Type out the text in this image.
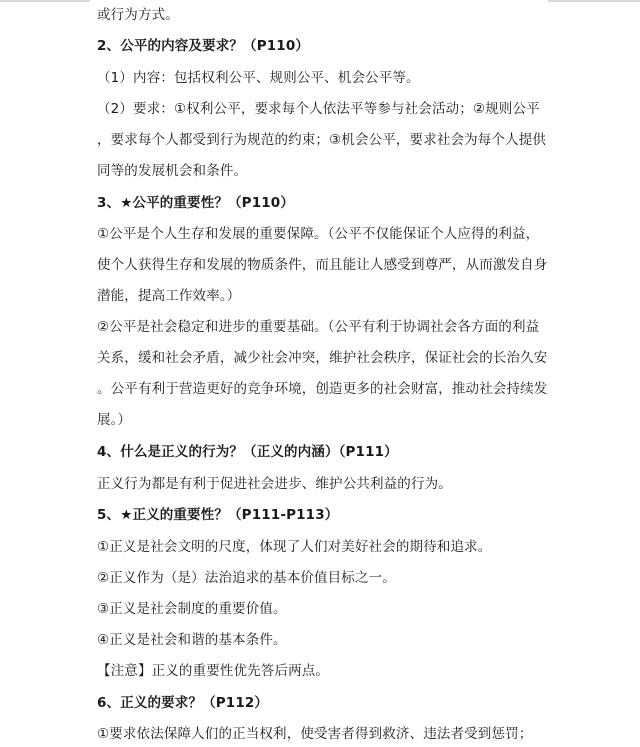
或行为方式。
2、公平的内容及要求？（P110）
（1）内容：包括权利公平、规则公平、机会公平等。
（2）要求：①权利公平，要求每个人依法平等参与社会活动；②规则公平
，要求每个人都受到行为规范的约束；③机会公平，要求社会为每个人提供
同等的发展机会和条件。
3、★公平的重要性？（P110）
①公平是个人生存和发展的重要保障。（公平不仅能保证个人应得的利益，
使个人获得生存和发展的物质条件，而且能让人感受到尊严，从而激发自身
潜能，提高工作效率。）
②公平是社会稳定和进步的重要基础。（公平有利于协调社会各方面的利益
关系，缓和社会矛盾，减少社会冲突，维护社会秩序，保证社会的长治久安
。公平有利于营造更好的竞争环境，创造更多的社会财富，推动社会持续发
展。）
4、什么是正义的行为？（正义的内涵）（P111）
正义行为都是有利于促进社会进步、维护公共利益的行为。
5、★正义的重要性？（P111-P113）
①正义是社会文明的尺度，体现了人们对美好社会的期待和追求。
②正义作为（是）法治追求的基本价值目标之一。
③正义是社会制度的重要价值。
④正义是社会和谐的基本条件。
【注意】正义的重要性优先答后两点。
6、正义的要求？（P112）
①要求依法保障人们的正当权利，使受害者得到救济、违法者受到惩罚；
